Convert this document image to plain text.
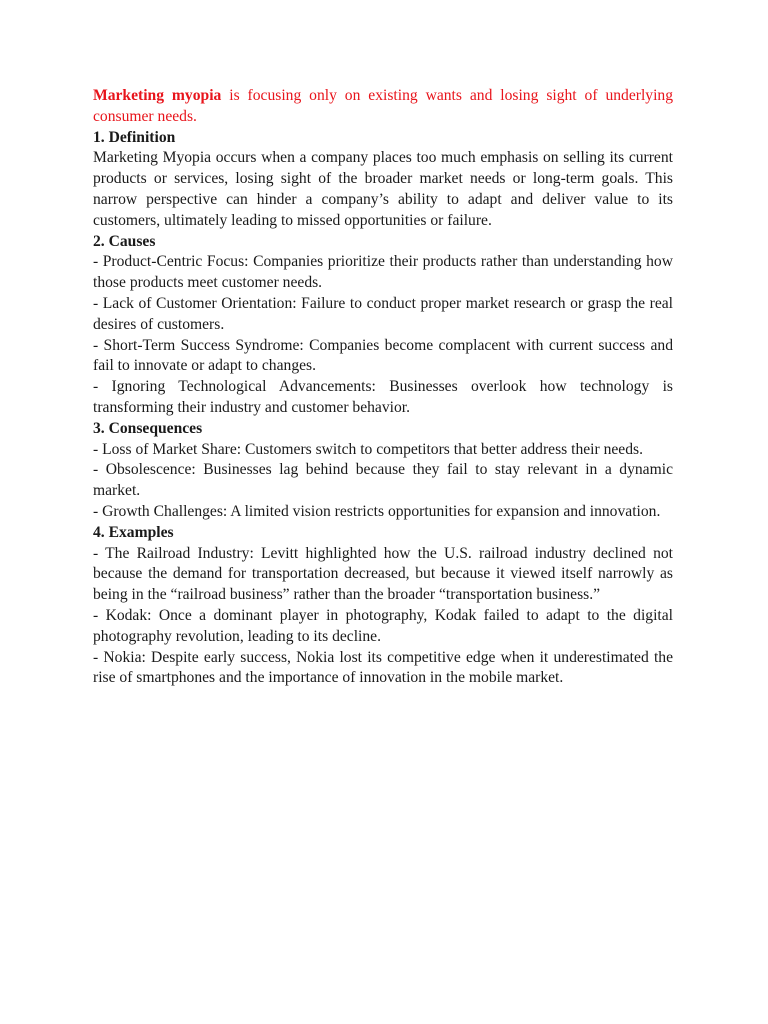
Marketing myopia is focusing only on existing wants and losing sight of underlying consumer needs.

1. Definition

Marketing Myopia occurs when a company places too much emphasis on selling its current products or services, losing sight of the broader market needs or long-term goals. This narrow perspective can hinder a company’s ability to adapt and deliver value to its customers, ultimately leading to missed opportunities or failure.

2. Causes

- Product-Centric Focus: Companies prioritize their products rather than understanding how those products meet customer needs.
- Lack of Customer Orientation: Failure to conduct proper market research or grasp the real desires of customers.
- Short-Term Success Syndrome: Companies become complacent with current success and fail to innovate or adapt to changes.
- Ignoring Technological Advancements: Businesses overlook how technology is transforming their industry and customer behavior.

3. Consequences

- Loss of Market Share: Customers switch to competitors that better address their needs.
- Obsolescence: Businesses lag behind because they fail to stay relevant in a dynamic market.
- Growth Challenges: A limited vision restricts opportunities for expansion and innovation.

4. Examples

- The Railroad Industry: Levitt highlighted how the U.S. railroad industry declined not because the demand for transportation decreased, but because it viewed itself narrowly as being in the “railroad business” rather than the broader “transportation business.”
- Kodak: Once a dominant player in photography, Kodak failed to adapt to the digital photography revolution, leading to its decline.
- Nokia: Despite early success, Nokia lost its competitive edge when it underestimated the rise of smartphones and the importance of innovation in the mobile market.
